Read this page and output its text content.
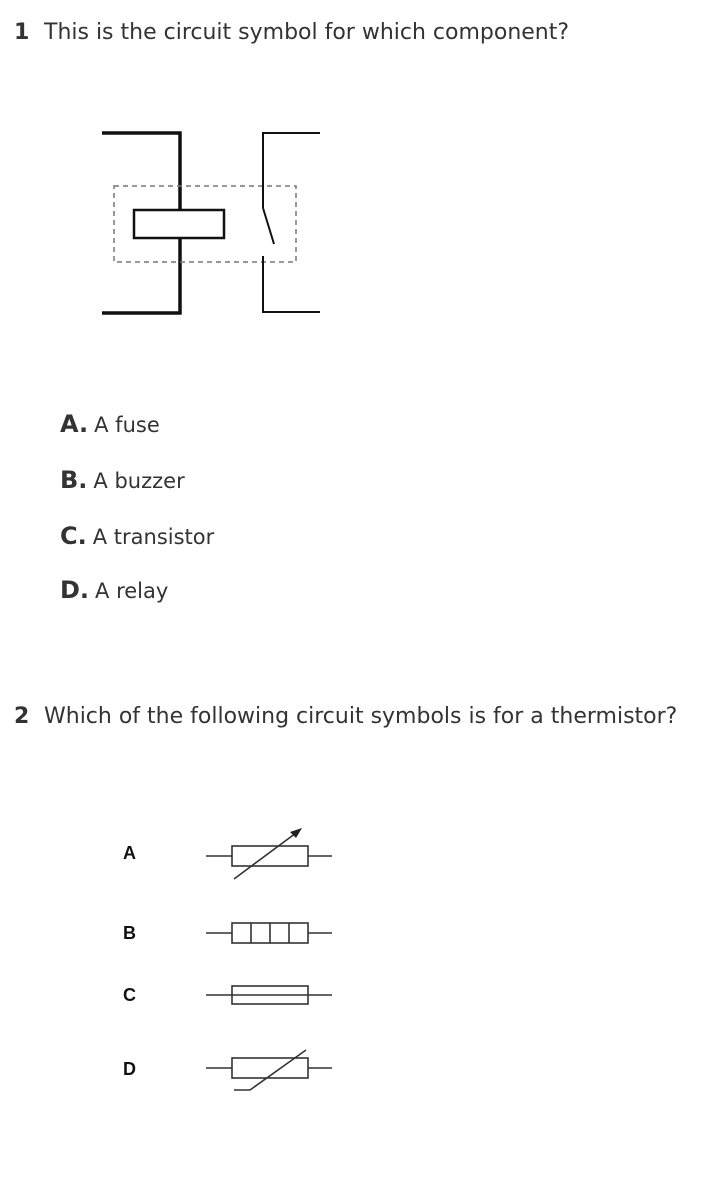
1 This is the circuit symbol for which component?
A. A fuse
B. A buzzer
C. A transistor
D. A relay
2 Which of the following circuit symbols is for a thermistor?
A
B
C
D
